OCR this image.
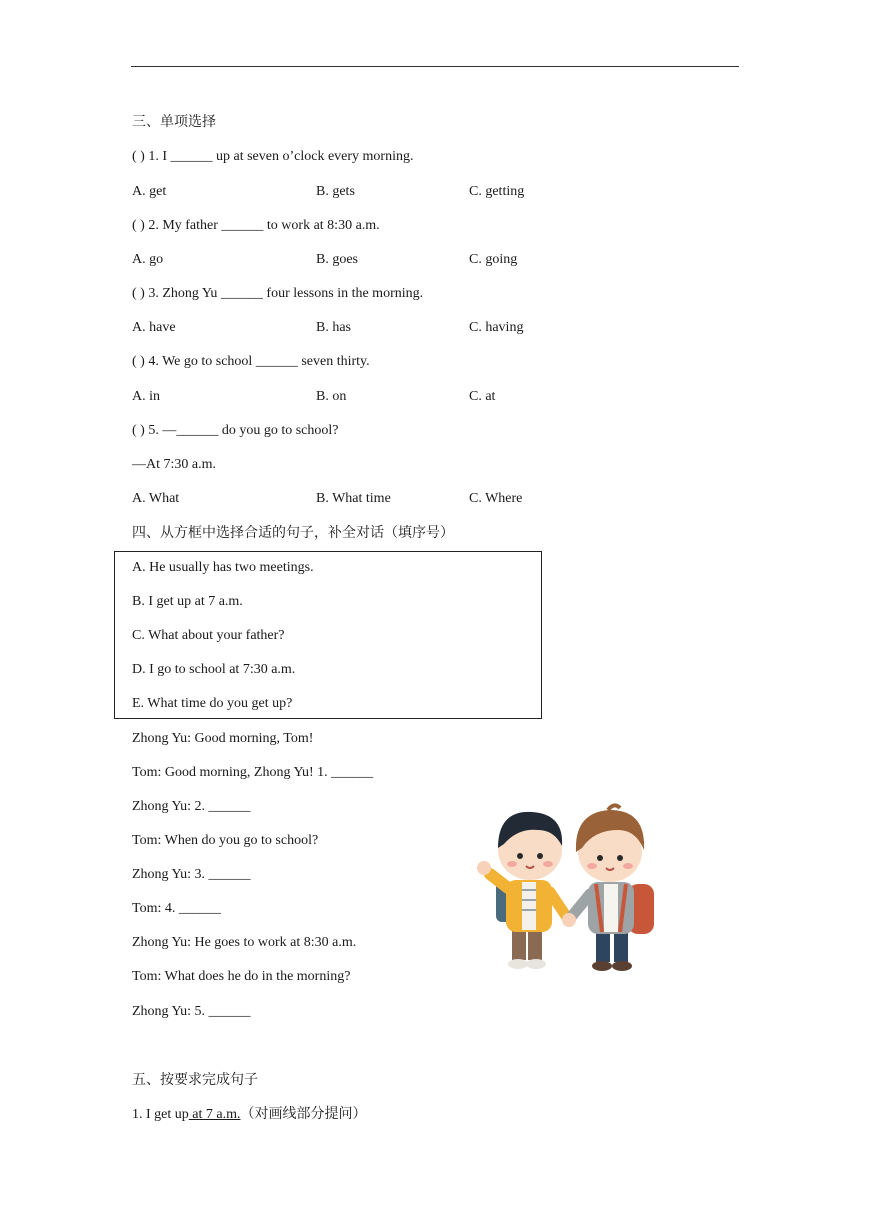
三、单项选择
( ) 1. I ______ up at seven o’clock every morning.
A. get	B. gets	C. getting
( ) 2. My father ______ to work at 8:30 a.m.
A. go	B. goes	C. going
( ) 3. Zhong Yu ______ four lessons in the morning.
A. have	B. has	C. having
( ) 4. We go to school ______ seven thirty.
A. in	B. on	C. at
( ) 5. —______ do you go to school?
—At 7:30 a.m.
A. What	B. What time	C. Where
四、从方框中选择合适的句子，补全对话（填序号）
A. He usually has two meetings.
B. I get up at 7 a.m.
C. What about your father?
D. I go to school at 7:30 a.m.
E. What time do you get up?
Zhong Yu: Good morning, Tom!
Tom: Good morning, Zhong Yu! 1. ______
Zhong Yu: 2. ______
Tom: When do you go to school?
Zhong Yu: 3. ______
Tom: 4. ______
Zhong Yu: He goes to work at 8:30 a.m.
Tom: What does he do in the morning?
Zhong Yu: 5. ______
五、按要求完成句子
1. I get up at 7 a.m.（对画线部分提问）
